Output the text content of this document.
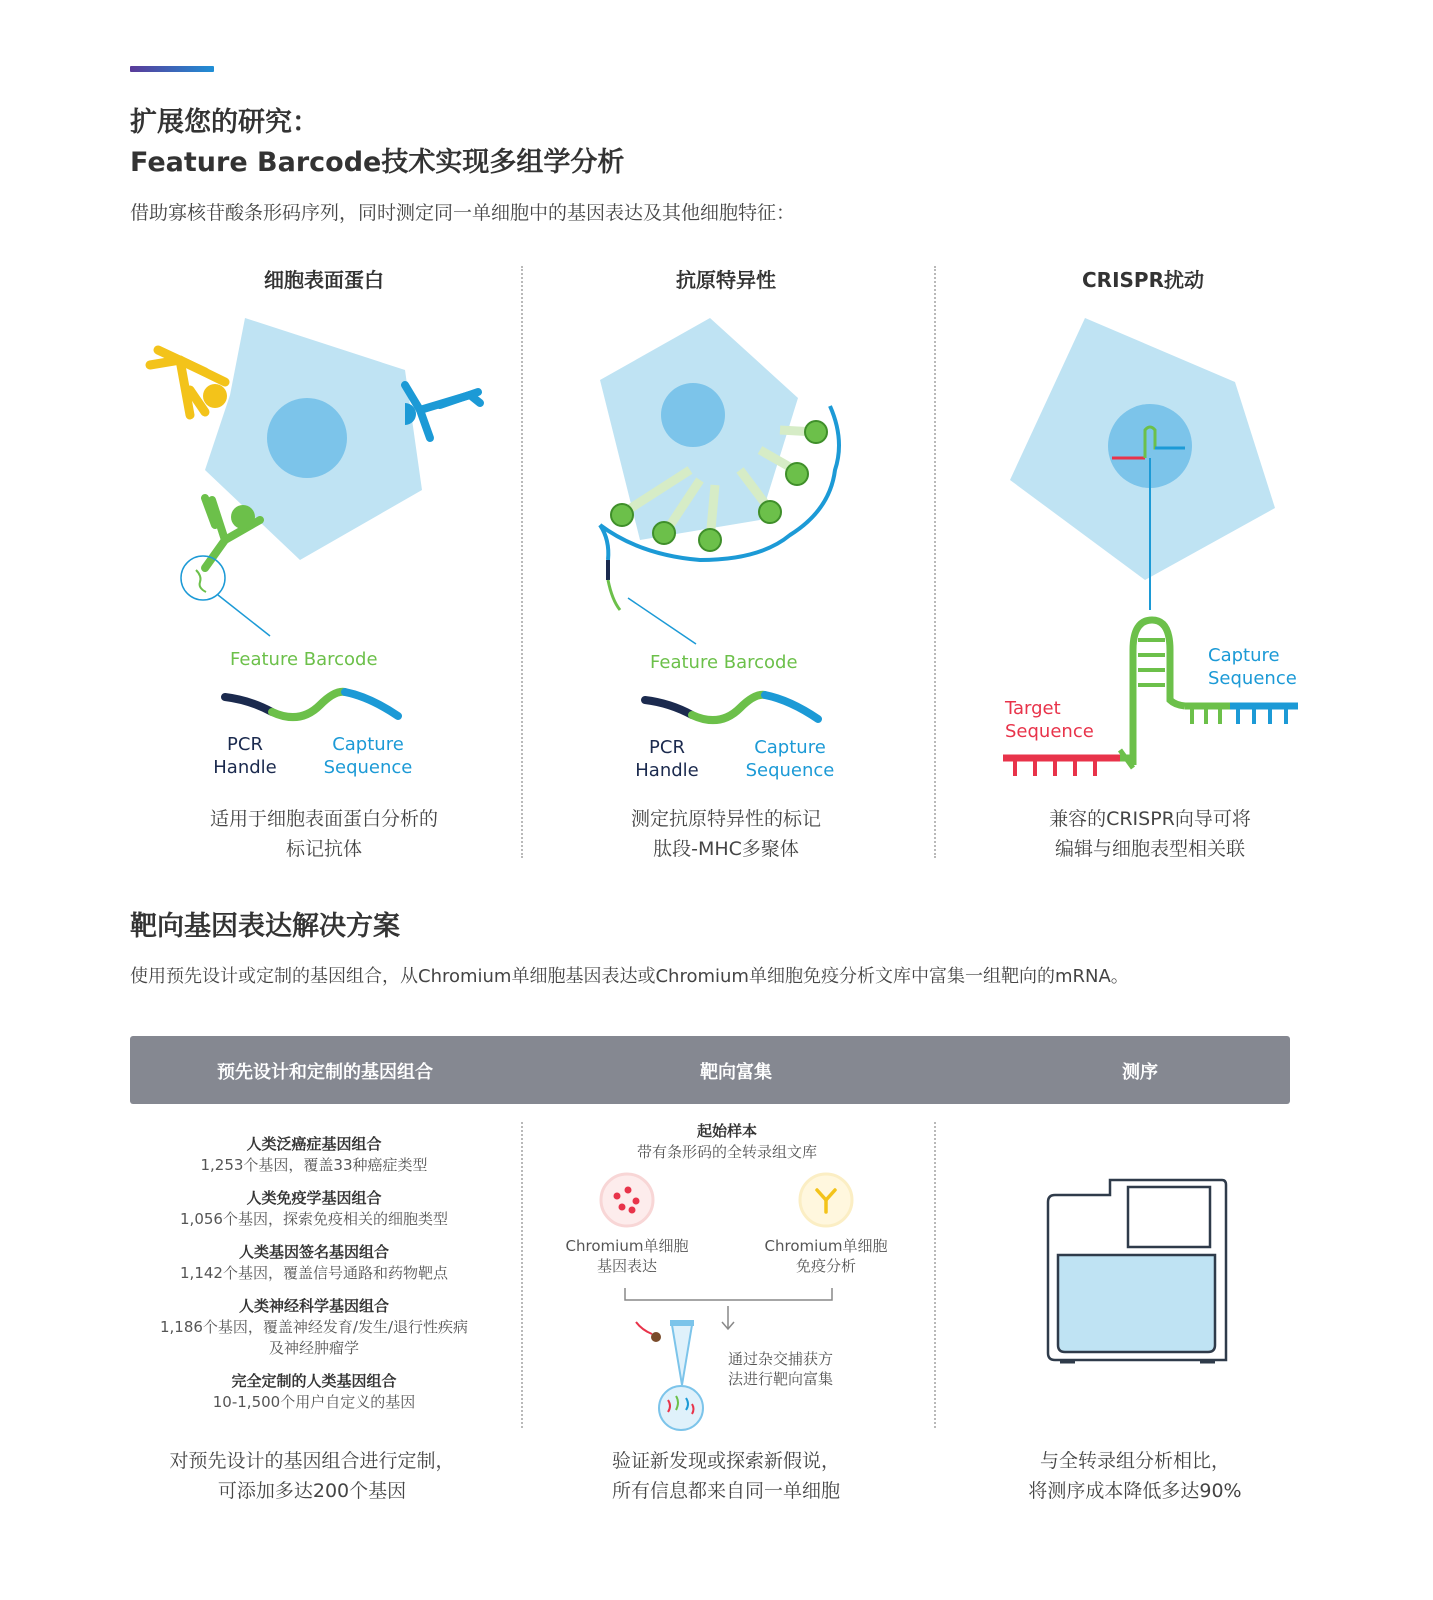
扩展您的研究：
Feature Barcode技术实现多组学分析
借助寡核苷酸条形码序列，同时测定同一单细胞中的基因表达及其他细胞特征：
细胞表面蛋白	抗原特异性	CRISPR扰动
Feature Barcode
PCR
Handle
Capture
Sequence
适用于细胞表面蛋白分析的
标记抗体
Feature Barcode
PCR
Handle
Capture
Sequence
测定抗原特异性的标记
肽段-MHC多聚体
Target
Sequence
Capture
Sequence
兼容的CRISPR向导可将
编辑与细胞表型相关联
靶向基因表达解决方案
使用预先设计或定制的基因组合，从Chromium单细胞基因表达或Chromium单细胞免疫分析文库中富集一组靶向的mRNA。
预先设计和定制的基因组合	靶向富集	测序
人类泛癌症基因组合
1,253个基因，覆盖33种癌症类型
人类免疫学基因组合
1,056个基因，探索免疫相关的细胞类型
人类基因签名基因组合
1,142个基因，覆盖信号通路和药物靶点
人类神经科学基因组合
1,186个基因，覆盖神经发育/发生/退行性疾病
及神经肿瘤学
完全定制的人类基因组合
10-1,500个用户自定义的基因
起始样本
带有条形码的全转录组文库
Chromium单细胞
基因表达
Chromium单细胞
免疫分析
通过杂交捕获方
法进行靶向富集
对预先设计的基因组合进行定制，
可添加多达200个基因
验证新发现或探索新假说，
所有信息都来自同一单细胞
与全转录组分析相比，
将测序成本降低多达90%
